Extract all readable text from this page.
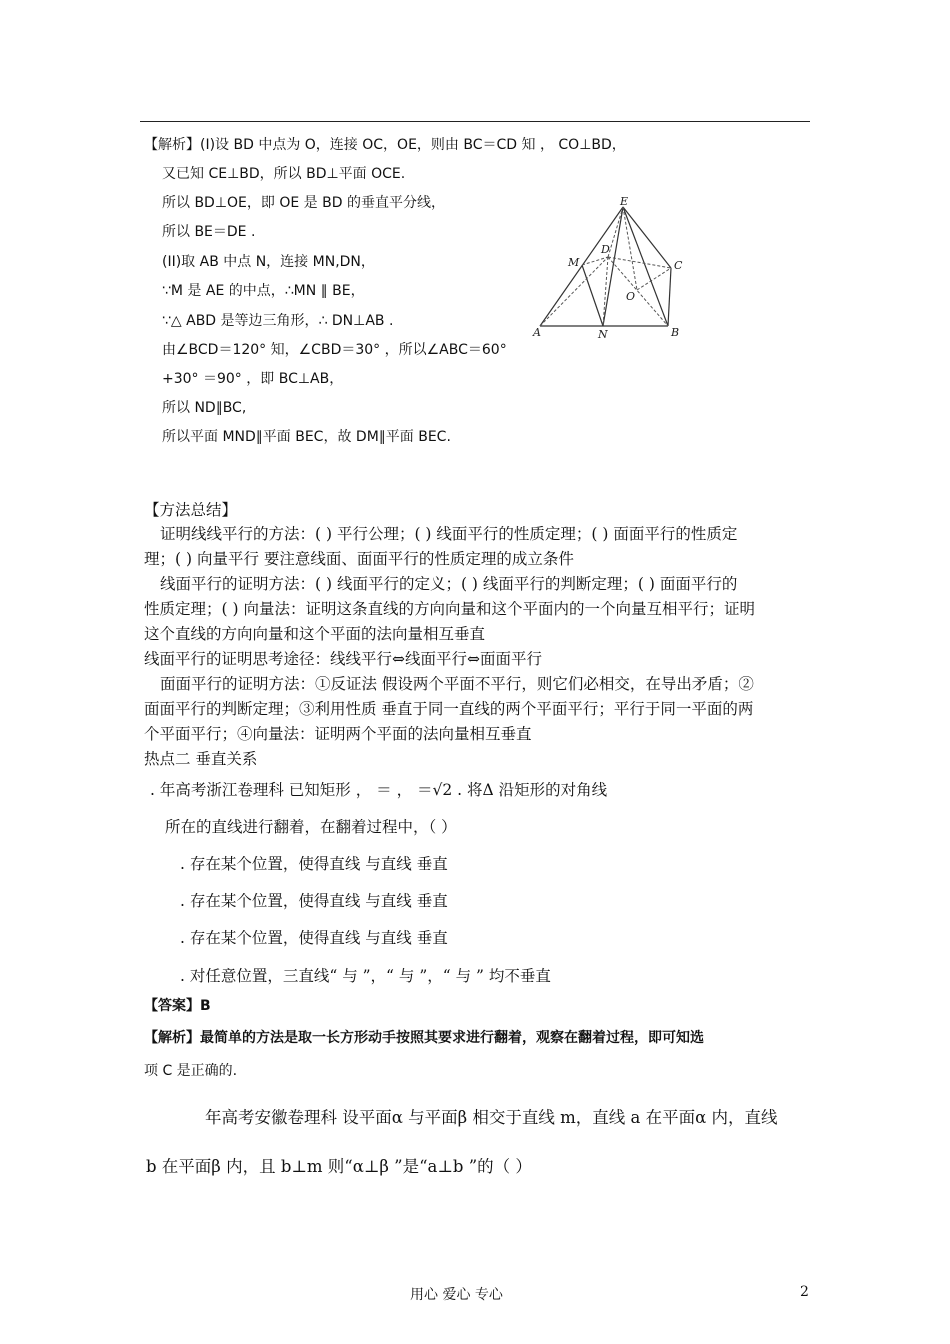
【解析】(I)设 BD 中点为 O，连接 OC，OE，则由 BC＝CD 知 ， CO⊥BD，
又已知 CE⊥BD，所以 BD⊥平面 OCE.
所以 BD⊥OE，即 OE 是 BD 的垂直平分线，
所以 BE＝DE .
(II)取 AB 中点 N，连接 MN,DN，
∵M 是 AE 的中点，∴MN ∥ BE，
∵△ ABD 是等边三角形，∴ DN⊥AB .
由∠BCD＝120° 知，∠CBD＝30° ，所以∠ABC＝60°
+30° ＝90° ，即 BC⊥AB，
所以 ND∥BC,
所以平面 MND∥平面 BEC，故 DM∥平面 BEC.
E
D
C
M
O
A	N	B
【方法总结】
证明线线平行的方法：( ) 平行公理；( ) 线面平行的性质定理；( ) 面面平行的性质定
理；( ) 向量平行 要注意线面、面面平行的性质定理的成立条件
线面平行的证明方法：( ) 线面平行的定义；( ) 线面平行的判断定理；( ) 面面平行的
性质定理；( ) 向量法：证明这条直线的方向向量和这个平面内的一个向量互相平行；证明
这个直线的方向向量和这个平面的法向量相互垂直
线面平行的证明思考途径：线线平行⇔线面平行⇔面面平行
面面平行的证明方法：①反证法 假设两个平面不平行，则它们必相交，在导出矛盾；②
面面平行的判断定理；③利用性质 垂直于同一直线的两个平面平行；平行于同一平面的两
个平面平行；④向量法：证明两个平面的法向量相互垂直
热点二 垂直关系
. 年高考浙江卷理科 已知矩形 ， ＝ ， ＝√2 . 将Δ 沿矩形的对角线
所在的直线进行翻着，在翻着过程中，（ ）
. 存在某个位置，使得直线 与直线 垂直
. 存在某个位置，使得直线 与直线 垂直
. 存在某个位置，使得直线 与直线 垂直
. 对任意位置，三直线“ 与 ”，“ 与 ”，“ 与 ” 均不垂直
【答案】B
【解析】最简单的方法是取一长方形动手按照其要求进行翻着，观察在翻着过程，即可知选
项 C 是正确的.
年高考安徽卷理科 设平面α 与平面β 相交于直线 m，直线 a 在平面α 内，直线
b 在平面β 内，且 b⊥m 则“α⊥β ”是“a⊥b ”的（ ）
用心 爱心 专心	2
